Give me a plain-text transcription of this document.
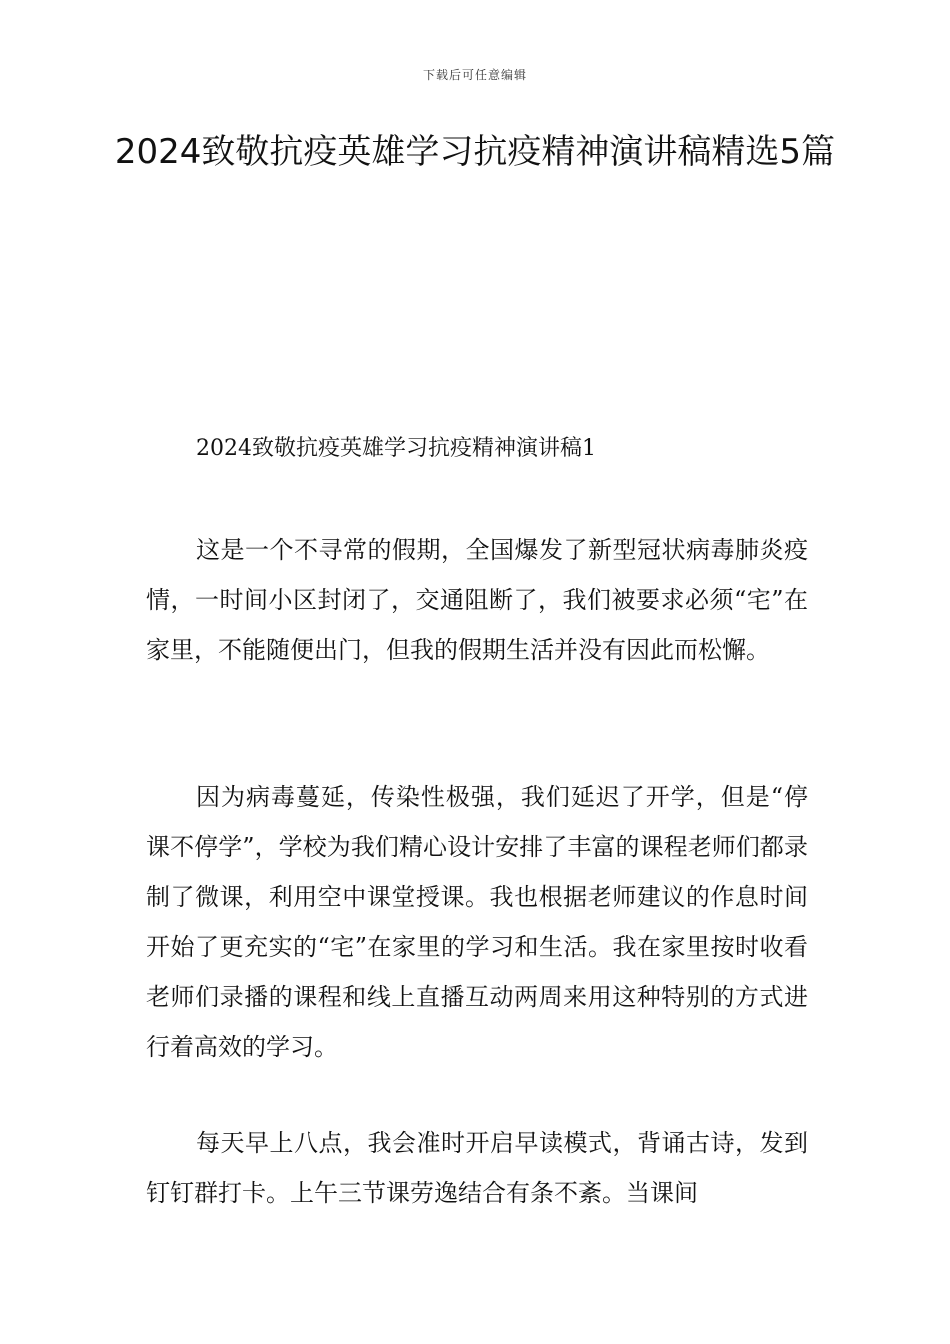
下载后可任意编辑
2024致敬抗疫英雄学习抗疫精神演讲稿精选5篇
2024致敬抗疫英雄学习抗疫精神演讲稿1

这是一个不寻常的假期，全国爆发了新型冠状病毒肺炎疫情，一时间小区封闭了，交通阻断了，我们被要求必须“宅”在家里，不能随便出门，但我的假期生活并没有因此而松懈。

因为病毒蔓延，传染性极强，我们延迟了开学，但是“停课不停学”，学校为我们精心设计安排了丰富的课程老师们都录制了微课，利用空中课堂授课。我也根据老师建议的作息时间开始了更充实的“宅”在家里的学习和生活。我在家里按时收看老师们录播的课程和线上直播互动两周来用这种特别的方式进行着高效的学习。

每天早上八点，我会准时开启早读模式，背诵古诗，发到钉钉群打卡。上午三节课劳逸结合有条不紊。当课间
